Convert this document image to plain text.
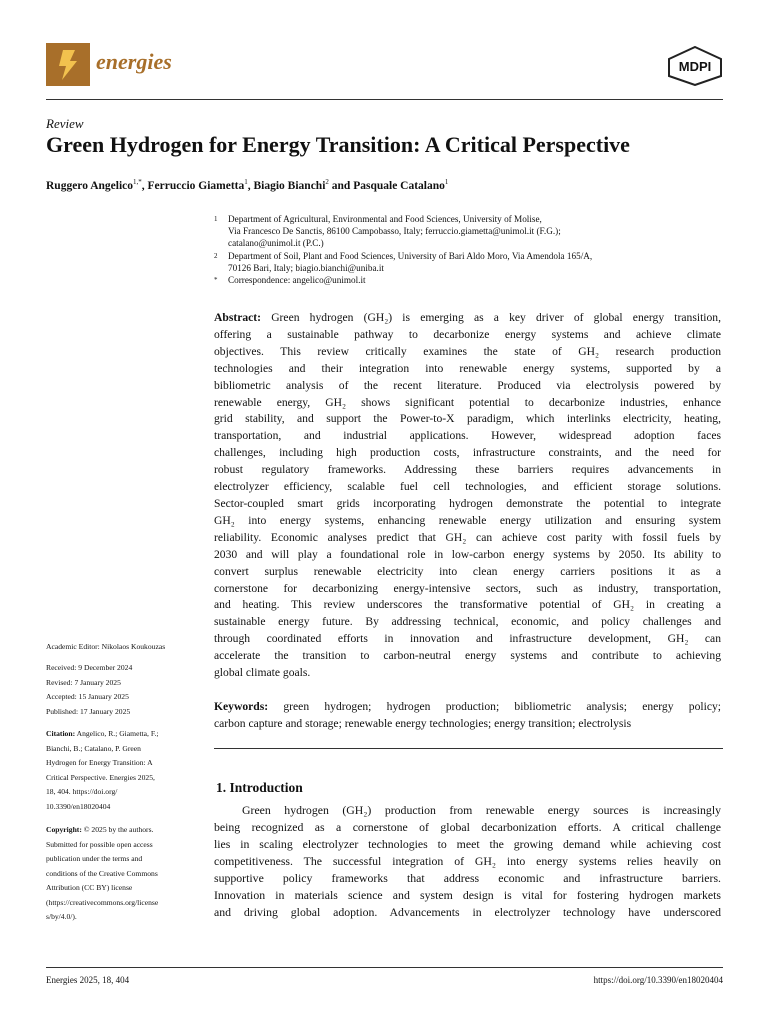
energies	MDPI
Review
Green Hydrogen for Energy Transition: A Critical Perspective
Ruggero Angelico$^{1,*}$, Ferruccio Giametta$^1$, Biagio Bianchi$^2$ and Pasquale Catalano$^1$
1	Department of Agricultural, Environmental and Food Sciences, University of Molise,
Via Francesco De Sanctis, 86100 Campobasso, Italy; ferruccio.giametta@unimol.it (F.G.);
catalano@unimol.it (P.C.)
2	Department of Soil, Plant and Food Sciences, University of Bari Aldo Moro, Via Amendola 165/A,
70126 Bari, Italy; biagio.bianchi@uniba.it
*	Correspondence: angelico@unimol.it
Abstract: Green hydrogen (GH₂) is emerging as a key driver of global energy transition,
offering a sustainable pathway to decarbonize energy systems and achieve climate
objectives. This review critically examines the state of GH₂ research production
technologies and their integration into renewable energy systems, supported by a
bibliometric analysis of the recent literature. Produced via electrolysis powered by
renewable energy, GH₂ shows significant potential to decarbonize industries, enhance
grid stability, and support the Power-to-X paradigm, which interlinks electricity, heating,
transportation, and industrial applications. However, widespread adoption faces
challenges, including high production costs, infrastructure constraints, and the need for
robust regulatory frameworks. Addressing these barriers requires advancements in
electrolyzer efficiency, scalable fuel cell technologies, and efficient storage solutions.
Sector-coupled smart grids incorporating hydrogen demonstrate the potential to integrate
GH₂ into energy systems, enhancing renewable energy utilization and ensuring system
reliability. Economic analyses predict that GH₂ can achieve cost parity with fossil fuels by
2030 and will play a foundational role in low-carbon energy systems by 2050. Its ability to
convert surplus renewable electricity into clean energy carriers positions it as a
cornerstone for decarbonizing energy-intensive sectors, such as industry, transportation,
and heating. This review underscores the transformative potential of GH₂ in creating a
sustainable energy future. By addressing technical, economic, and policy challenges and
through coordinated efforts in innovation and infrastructure development, GH₂ can
accelerate the transition to carbon-neutral energy systems and contribute to achieving
global climate goals.
Keywords: green hydrogen; hydrogen production; bibliometric analysis; energy policy;
carbon capture and storage; renewable energy technologies; energy transition; electrolysis
1. Introduction
Green hydrogen (GH₂) production from renewable energy sources is increasingly
being recognized as a cornerstone of global decarbonization efforts. A critical challenge
lies in scaling electrolyzer technologies to meet the growing demand while achieving cost
competitiveness. The successful integration of GH₂ into energy systems relies heavily on
supportive policy frameworks that address economic and infrastructure barriers.
Innovation in materials science and system design is vital for fostering hydrogen markets
and driving global adoption. Advancements in electrolyzer technology have underscored
Academic Editor: Nikolaos Koukouzas
Received: 9 December 2024
Revised: 7 January 2025
Accepted: 15 January 2025
Published: 17 January 2025
Citation: Angelico, R.; Giametta, F.;
Bianchi, B.; Catalano, P. Green
Hydrogen for Energy Transition: A
Critical Perspective. Energies 2025,
18, 404. https://doi.org/
10.3390/en18020404
Copyright: © 2025 by the authors.
Submitted for possible open access
publication under the terms and
conditions of the Creative Commons
Attribution (CC BY) license
(https://creativecommons.org/license
s/by/4.0/).
Energies 2025, 18, 404	https://doi.org/10.3390/en18020404
